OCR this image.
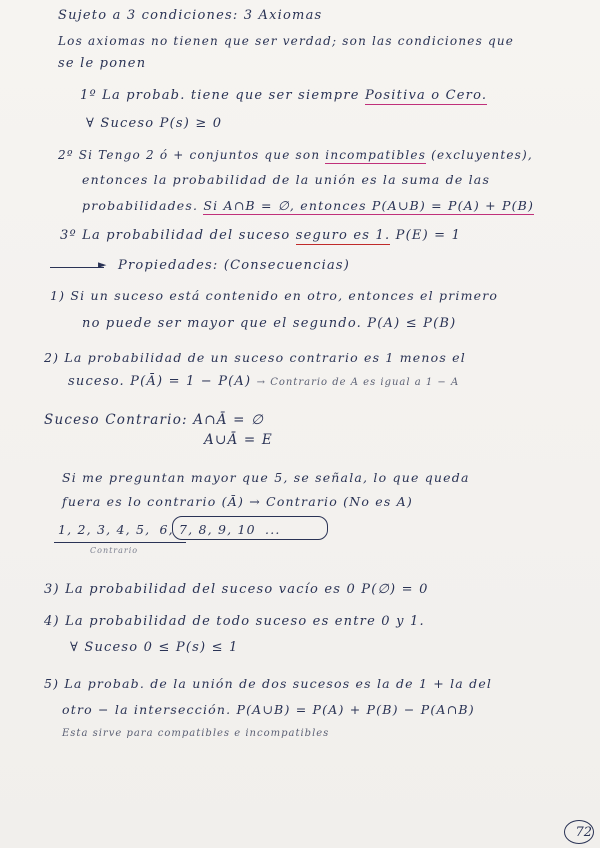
Sujeto a 3 condiciones: 3 Axiomas
Los axiomas no tienen que ser verdad; son las condiciones que
se le ponen
1º La probab. tiene que ser siempre Positiva o Cero.
∀ Suceso P(s) ≥ 0
2º Si Tengo 2 ó + conjuntos que son incompatibles (excluyentes),
entonces la probabilidad de la unión es la suma de las
probabilidades. Si A∩B = ∅, entonces P(A∪B) = P(A) + P(B)
3º La probabilidad del suceso seguro es 1. P(E) = 1
► Propiedades: (Consecuencias)
1) Si un suceso está contenido en otro, entonces el primero
no puede ser mayor que el segundo. P(A) ≤ P(B)
2) La probabilidad de un suceso contrario es 1 menos el
suceso. P(Ā) = 1 − P(A) → Contrario de A es igual a 1 − A
Suceso Contrario: A∩Ā = ∅
A∪Ā = E
Si me preguntan mayor que 5, se señala, lo que queda
fuera es lo contrario (Ā) → Contrario (No es A)
1, 2, 3, 4, 5, 6, 7, 8, 9, 10 ...
Contrario
3) La probabilidad del suceso vacío es 0 P(∅) = 0
4) La probabilidad de todo suceso es entre 0 y 1.
∀ Suceso 0 ≤ P(s) ≤ 1
5) La probab. de la unión de dos sucesos es la de 1 + la del
otro − la intersección. P(A∪B) = P(A) + P(B) − P(A∩B)
Esta sirve para compatibles e incompatibles
72
